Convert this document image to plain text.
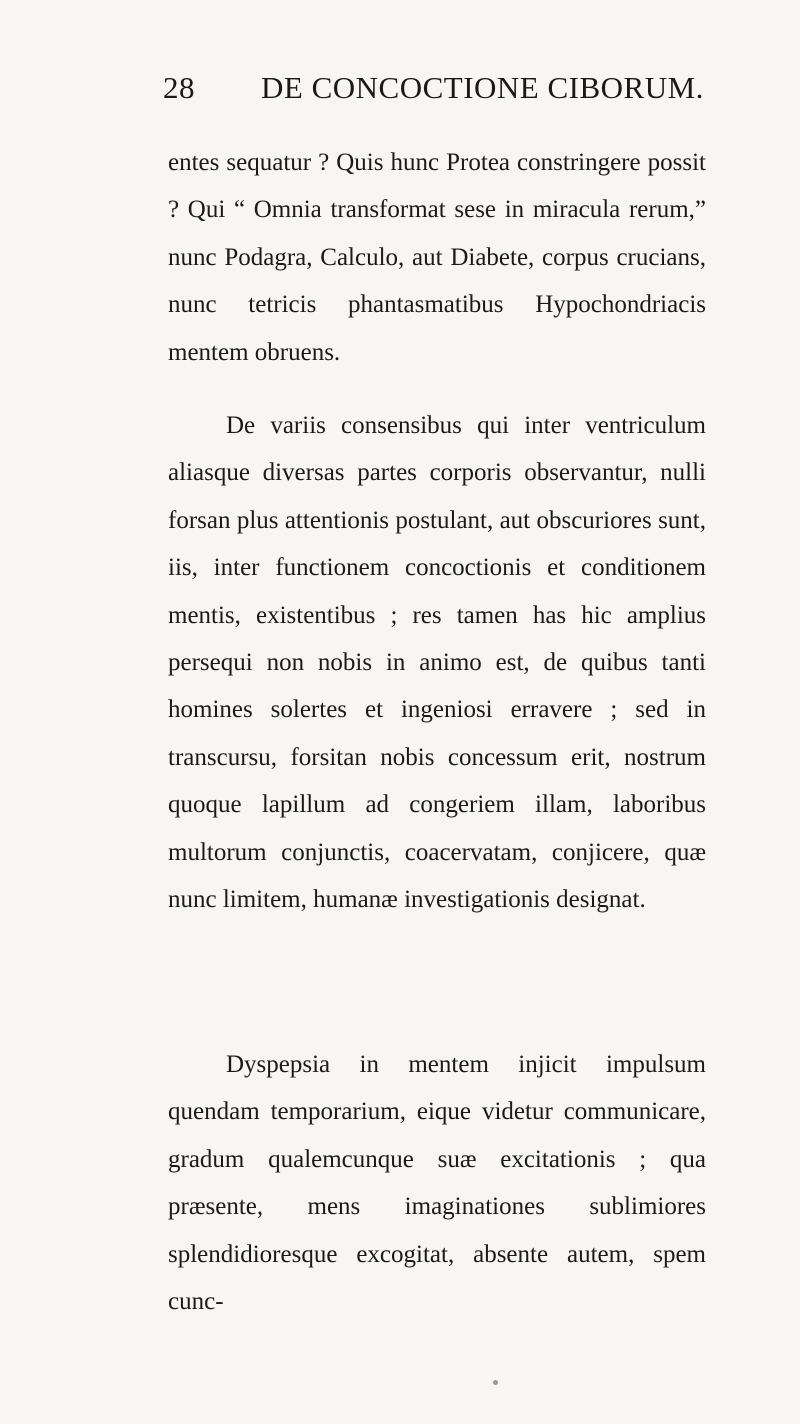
28 DE CONCOCTIONE CIBORUM.

entes sequatur ? Quis hunc Protea constringere possit ? Qui “ Omnia transformat sese in miracula rerum,” nunc Podagra, Calculo, aut Diabete, corpus crucians, nunc tetricis phantasmatibus Hypochondriacis mentem obruens.

De variis consensibus qui inter ventriculum aliasque diversas partes corporis observantur, nulli forsan plus attentionis postulant, aut obscuriores sunt, iis, inter functionem concoctionis et conditionem mentis, existentibus ; res tamen has hic amplius persequi non nobis in animo est, de quibus tanti homines solertes et ingeniosi erravere ; sed in transcursu, forsitan nobis concessum erit, nostrum quoque lapillum ad congeriem illam, laboribus multorum conjunctis, coacervatam, conjicere, quæ nunc limitem, humanæ investigationis designat.

Dyspepsia in mentem injicit impulsum quendam temporarium, eique videtur communicare, gradum qualemcunque suæ excitationis ; qua præsente, mens imaginationes sublimiores splendidioresque excogitat, absente autem, spem cunc-
